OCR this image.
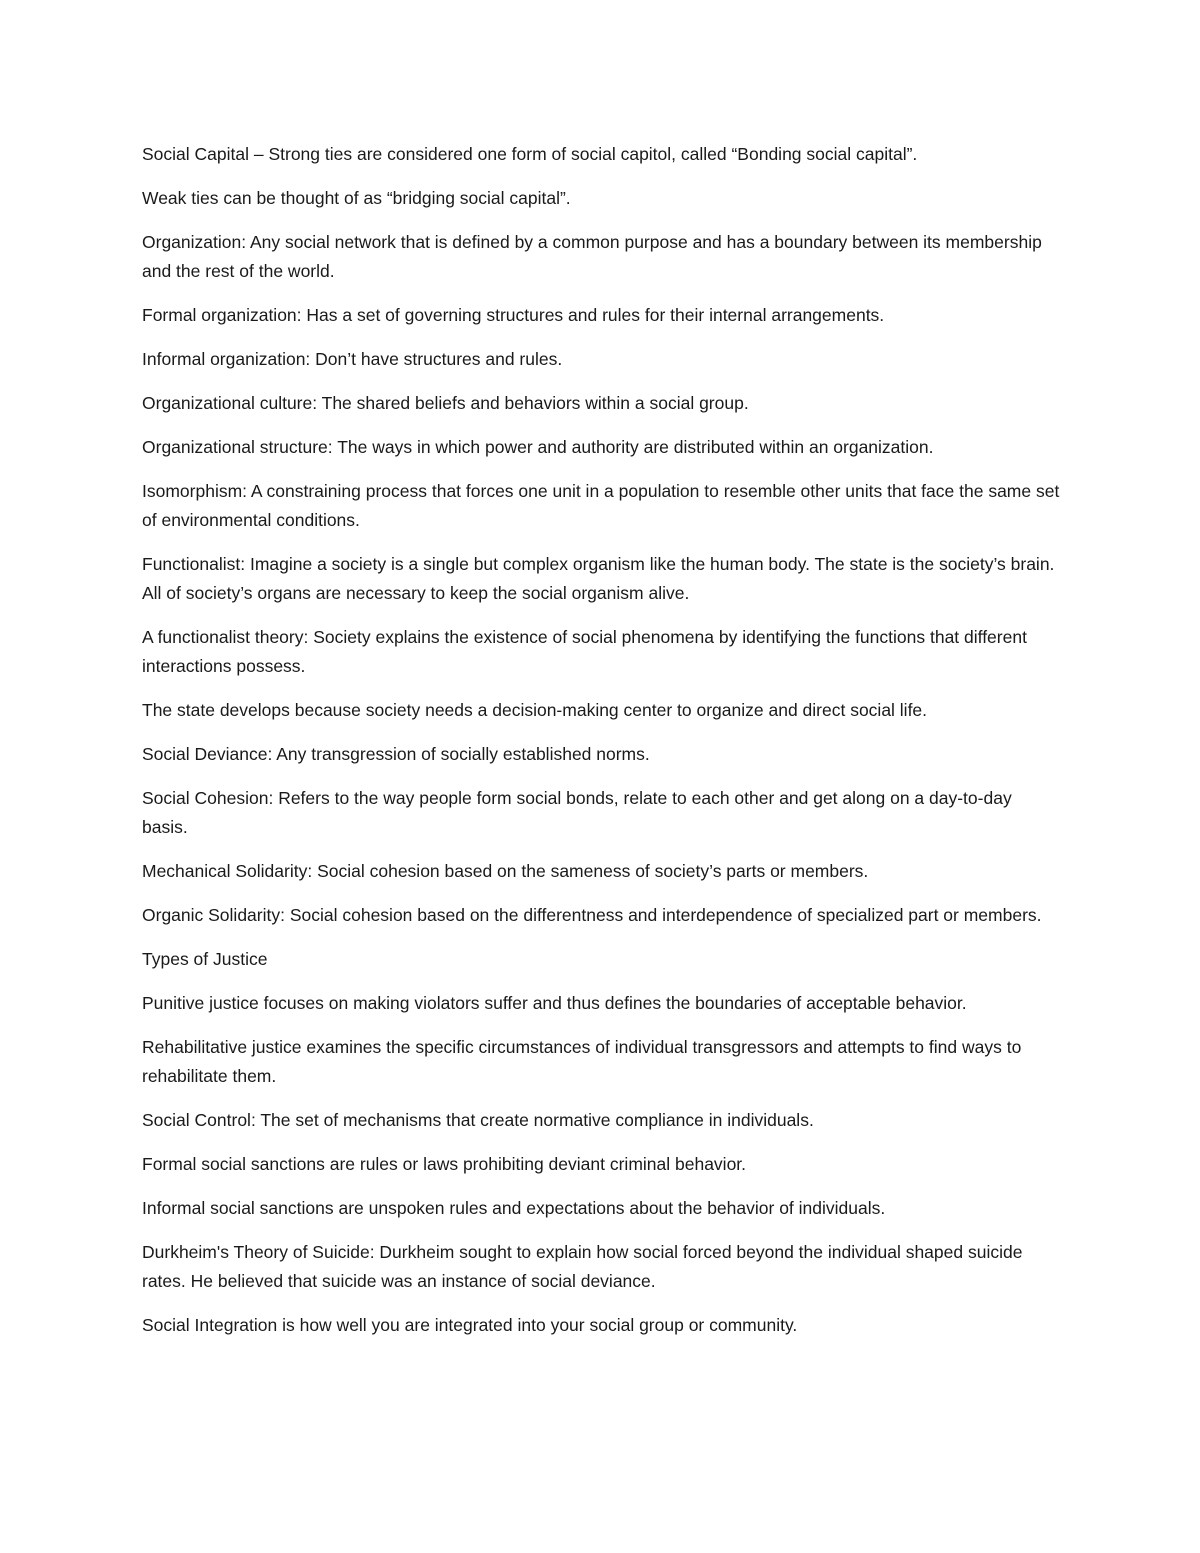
Social Capital – Strong ties are considered one form of social capitol, called “Bonding social capital”.

Weak ties can be thought of as “bridging social capital”.

Organization: Any social network that is defined by a common purpose and has a boundary between its membership and the rest of the world.

Formal organization: Has a set of governing structures and rules for their internal arrangements.

Informal organization: Don’t have structures and rules.

Organizational culture: The shared beliefs and behaviors within a social group.

Organizational structure: The ways in which power and authority are distributed within an organization.

Isomorphism: A constraining process that forces one unit in a population to resemble other units that face the same set of environmental conditions.

Functionalist: Imagine a society is a single but complex organism like the human body. The state is the society’s brain. All of society’s organs are necessary to keep the social organism alive.

A functionalist theory: Society explains the existence of social phenomena by identifying the functions that different interactions possess.

The state develops because society needs a decision-making center to organize and direct social life.

Social Deviance: Any transgression of socially established norms.

Social Cohesion: Refers to the way people form social bonds, relate to each other and get along on a day-to-day basis.

Mechanical Solidarity: Social cohesion based on the sameness of society’s parts or members.

Organic Solidarity: Social cohesion based on the differentness and interdependence of specialized part or members.

Types of Justice

Punitive justice focuses on making violators suffer and thus defines the boundaries of acceptable behavior.

Rehabilitative justice examines the specific circumstances of individual transgressors and attempts to find ways to rehabilitate them.

Social Control: The set of mechanisms that create normative compliance in individuals.

Formal social sanctions are rules or laws prohibiting deviant criminal behavior.

Informal social sanctions are unspoken rules and expectations about the behavior of individuals.

Durkheim's Theory of Suicide: Durkheim sought to explain how social forced beyond the individual shaped suicide rates. He believed that suicide was an instance of social deviance.

Social Integration is how well you are integrated into your social group or community.
